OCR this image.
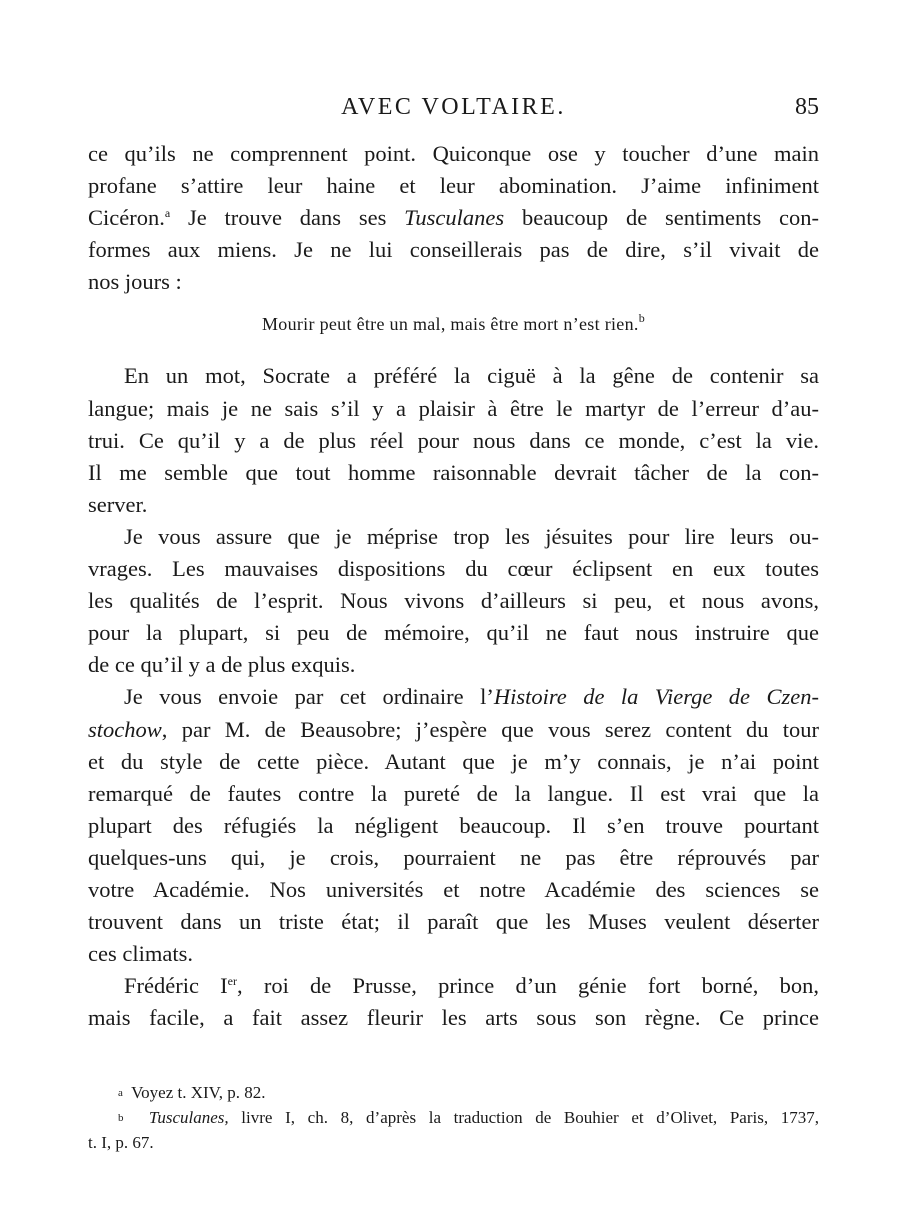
AVEC VOLTAIRE.	85
ce qu’ils ne comprennent point. Quiconque ose y toucher d’une main
profane s’attire leur haine et leur abomination. J’aime infiniment
Cicéron.$^a$ Je trouve dans ses Tusculanes beaucoup de sentiments con-
formes aux miens. Je ne lui conseillerais pas de dire, s’il vivait de
nos jours :
Mourir peut être un mal, mais être mort n’est rien.$^b$
En un mot, Socrate a préféré la ciguë à la gêne de contenir sa
langue; mais je ne sais s’il y a plaisir à être le martyr de l’erreur d’au-
trui. Ce qu’il y a de plus réel pour nous dans ce monde, c’est la vie.
Il me semble que tout homme raisonnable devrait tâcher de la con-
server.
Je vous assure que je méprise trop les jésuites pour lire leurs ou-
vrages. Les mauvaises dispositions du cœur éclipsent en eux toutes
les qualités de l’esprit. Nous vivons d’ailleurs si peu, et nous avons,
pour la plupart, si peu de mémoire, qu’il ne faut nous instruire que
de ce qu’il y a de plus exquis.
Je vous envoie par cet ordinaire l’Histoire de la Vierge de Czen-
stochow, par M. de Beausobre; j’espère que vous serez content du tour
et du style de cette pièce. Autant que je m’y connais, je n’ai point
remarqué de fautes contre la pureté de la langue. Il est vrai que la
plupart des réfugiés la négligent beaucoup. Il s’en trouve pourtant
quelques-uns qui, je crois, pourraient ne pas être réprouvés par
votre Académie. Nos universités et notre Académie des sciences se
trouvent dans un triste état; il paraît que les Muses veulent déserter
ces climats.
Frédéric Ier, roi de Prusse, prince d’un génie fort borné, bon,
mais facile, a fait assez fleurir les arts sous son règne. Ce prince
a Voyez t. XIV, p. 82.
b Tusculanes, livre I, ch. 8, d’après la traduction de Bouhier et d’Olivet, Paris, 1737,
t. I, p. 67.
